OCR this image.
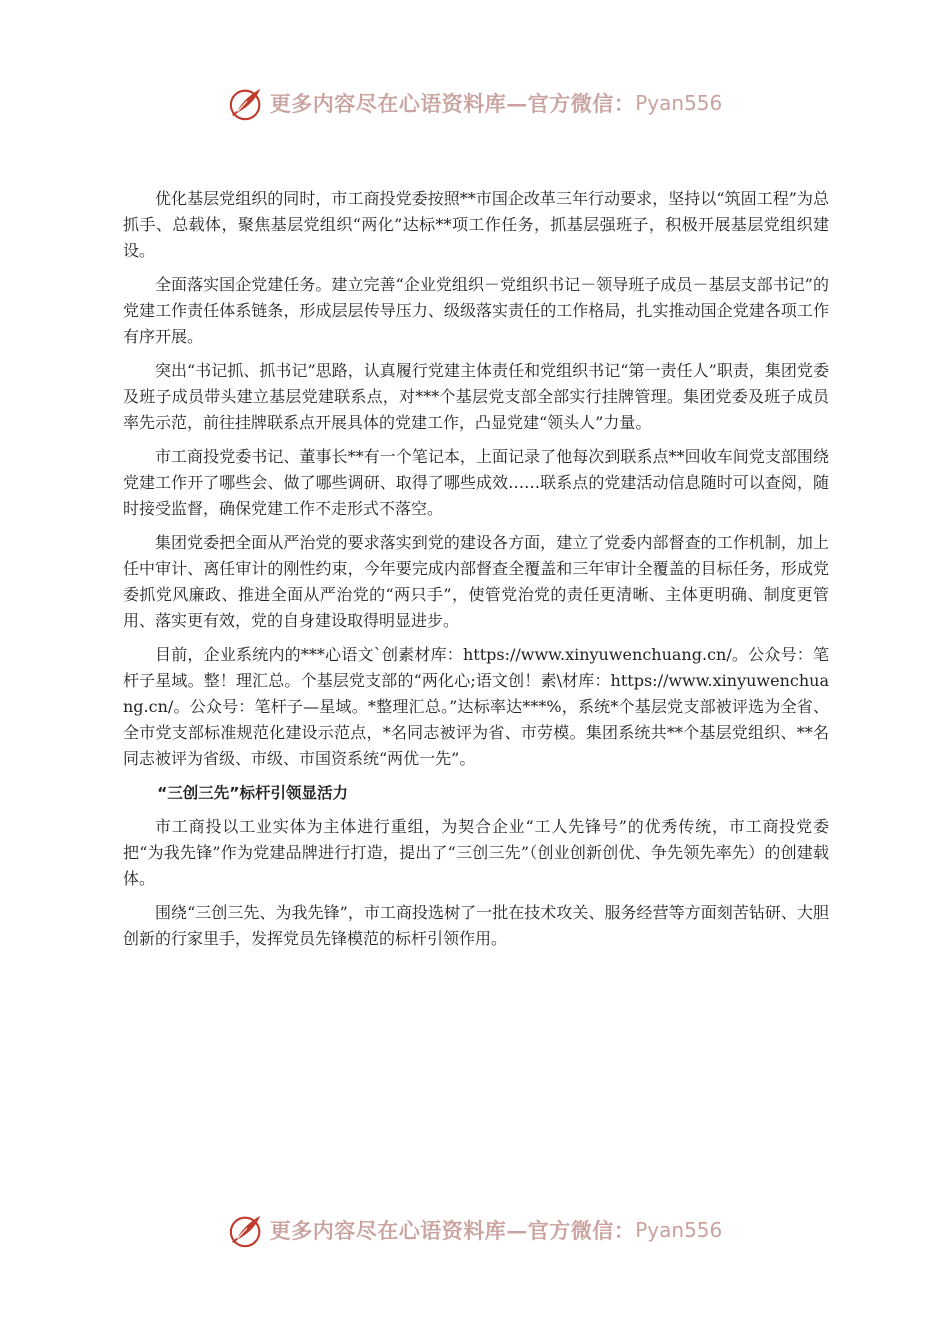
更多内容尽在心语资料库—官方微信： Pyan556

优化基层党组织的同时，市工商投党委按照**市国企改革三年行动要求，坚持以“筑固工程”为总抓手、总载体，聚焦基层党组织“两化”达标**项工作任务，抓基层强班子，积极开展基层党组织建设。

全面落实国企党建任务。建立完善“企业党组织－党组织书记－领导班子成员－基层支部书记”的党建工作责任体系链条，形成层层传导压力、级级落实责任的工作格局，扎实推动国企党建各项工作有序开展。

突出“书记抓、抓书记”思路，认真履行党建主体责任和党组织书记“第一责任人”职责，集团党委及班子成员带头建立基层党建联系点，对***个基层党支部全部实行挂牌管理。集团党委及班子成员率先示范，前往挂牌联系点开展具体的党建工作，凸显党建“领头人”力量。

市工商投党委书记、董事长**有一个笔记本，上面记录了他每次到联系点**回收车间党支部围绕党建工作开了哪些会、做了哪些调研、取得了哪些成效……联系点的党建活动信息随时可以查阅，随时接受监督，确保党建工作不走形式不落空。

集团党委把全面从严治党的要求落实到党的建设各方面，建立了党委内部督查的工作机制，加上任中审计、离任审计的刚性约束，今年要完成内部督查全覆盖和三年审计全覆盖的目标任务，形成党委抓党风廉政、推进全面从严治党的“两只手”，使管党治党的责任更清晰、主体更明确、制度更管用、落实更有效，党的自身建设取得明显进步。

目前，企业系统内的***心语文`创素材库：https://www.xinyuwenchuang.cn/。公众号：笔杆子星域。整！理汇总。个基层党支部的“两化心;语文创！素\材库：https://www.xinyuwenchuang.cn/。公众号：笔杆子—星域。*整理汇总。”达标率达***%，系统*个基层党支部被评选为全省、全市党支部标准规范化建设示范点，*名同志被评为省、市劳模。集团系统共**个基层党组织、**名同志被评为省级、市级、市国资系统“两优一先”。

“三创三先”标杆引领显活力

市工商投以工业实体为主体进行重组，为契合企业“工人先锋号”的优秀传统，市工商投党委把“为我先锋”作为党建品牌进行打造，提出了“三创三先”（创业创新创优、争先领先率先）的创建载体。

围绕“三创三先、为我先锋”，市工商投选树了一批在技术攻关、服务经营等方面刻苦钻研、大胆创新的行家里手，发挥党员先锋模范的标杆引领作用。

更多内容尽在心语资料库—官方微信： Pyan556
